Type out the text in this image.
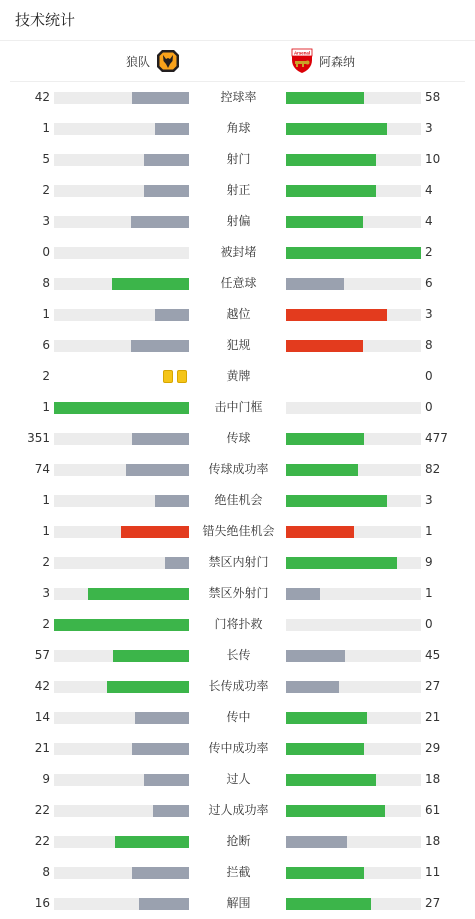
技术统计
狼队
Arsenal
阿森纳
42	控球率	58
1	角球	3
5	射门	10
2	射正	4
3	射偏	4
0	被封堵	2
8	任意球	6
1	越位	3
6	犯规	8
2	黄牌	0
1	击中门框	0
351	传球	477
74	传球成功率	82
1	绝佳机会	3
1	错失绝佳机会	1
2	禁区内射门	9
3	禁区外射门	1
2	门将扑救	0
57	长传	45
42	长传成功率	27
14	传中	21
21	传中成功率	29
9	过人	18
22	过人成功率	61
22	抢断	18
8	拦截	11
16	解围	27
